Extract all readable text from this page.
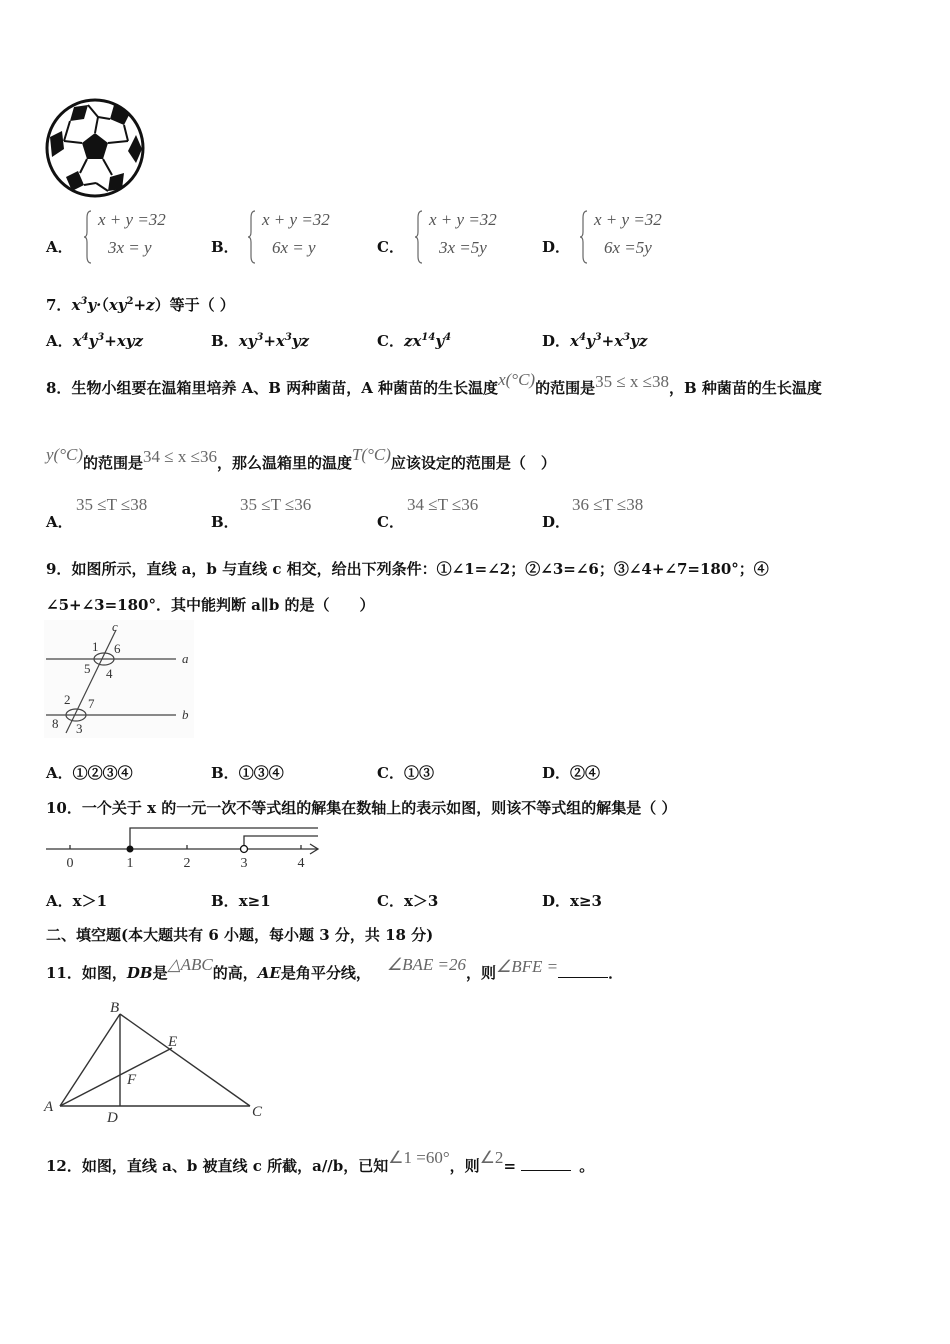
A．
x + y =32
3x = y	B．
x + y =32
6x = y	C．
x + y =32
3x =5y	D．
x + y =32
6x =5y
7．$x^3y\cdot(xy^2+z)$等于（ ）
A．$x^4y^3+xyz$	B．$xy^3+x^3yz$	C．$zx^{14}y^4$	D．$x^4y^3+x^3yz$
8．生物小组要在温箱里培养 A、B 两种菌苗，A 种菌苗的生长温度x(°C)的范围是35 ≤ x ≤38，B 种菌苗的生长温度
y(°C)的范围是34 ≤ x ≤36，那么温箱里的温度T(°C)应该设定的范围是（　）
A．
35 ≤T ≤38
B．
35 ≤T ≤36
C．
34 ≤T ≤36
D．
36 ≤T ≤38
9．如图所示，直线 a，b 与直线 c 相交，给出下列条件：①∠1=∠2；②∠3=∠6；③∠4+∠7=180°；④
∠5+∠3=180°．其中能判断 a∥b 的是（　　）
c
a
b
1 6
5 4
2 7
8 3
A．①②③④	B．①③④	C．①③	D．②④
10．一个关于 x 的一元一次不等式组的解集在数轴上的表示如图，则该不等式组的解集是（ ）
0	1	2	3	4
A．x＞1	B．x≥1	C．x＞3	D．x≥3
二、填空题(本大题共有 6 小题，每小题 3 分，共 18 分)
11．如图，DB是△ABC的高，AE是角平分线， ∠BAE =26，则∠BFE =	．
B
A	C
D
E
F
12．如图，直线 a、b 被直线 c 所截，a//b，已知∠1 =60°，则∠2=	。
